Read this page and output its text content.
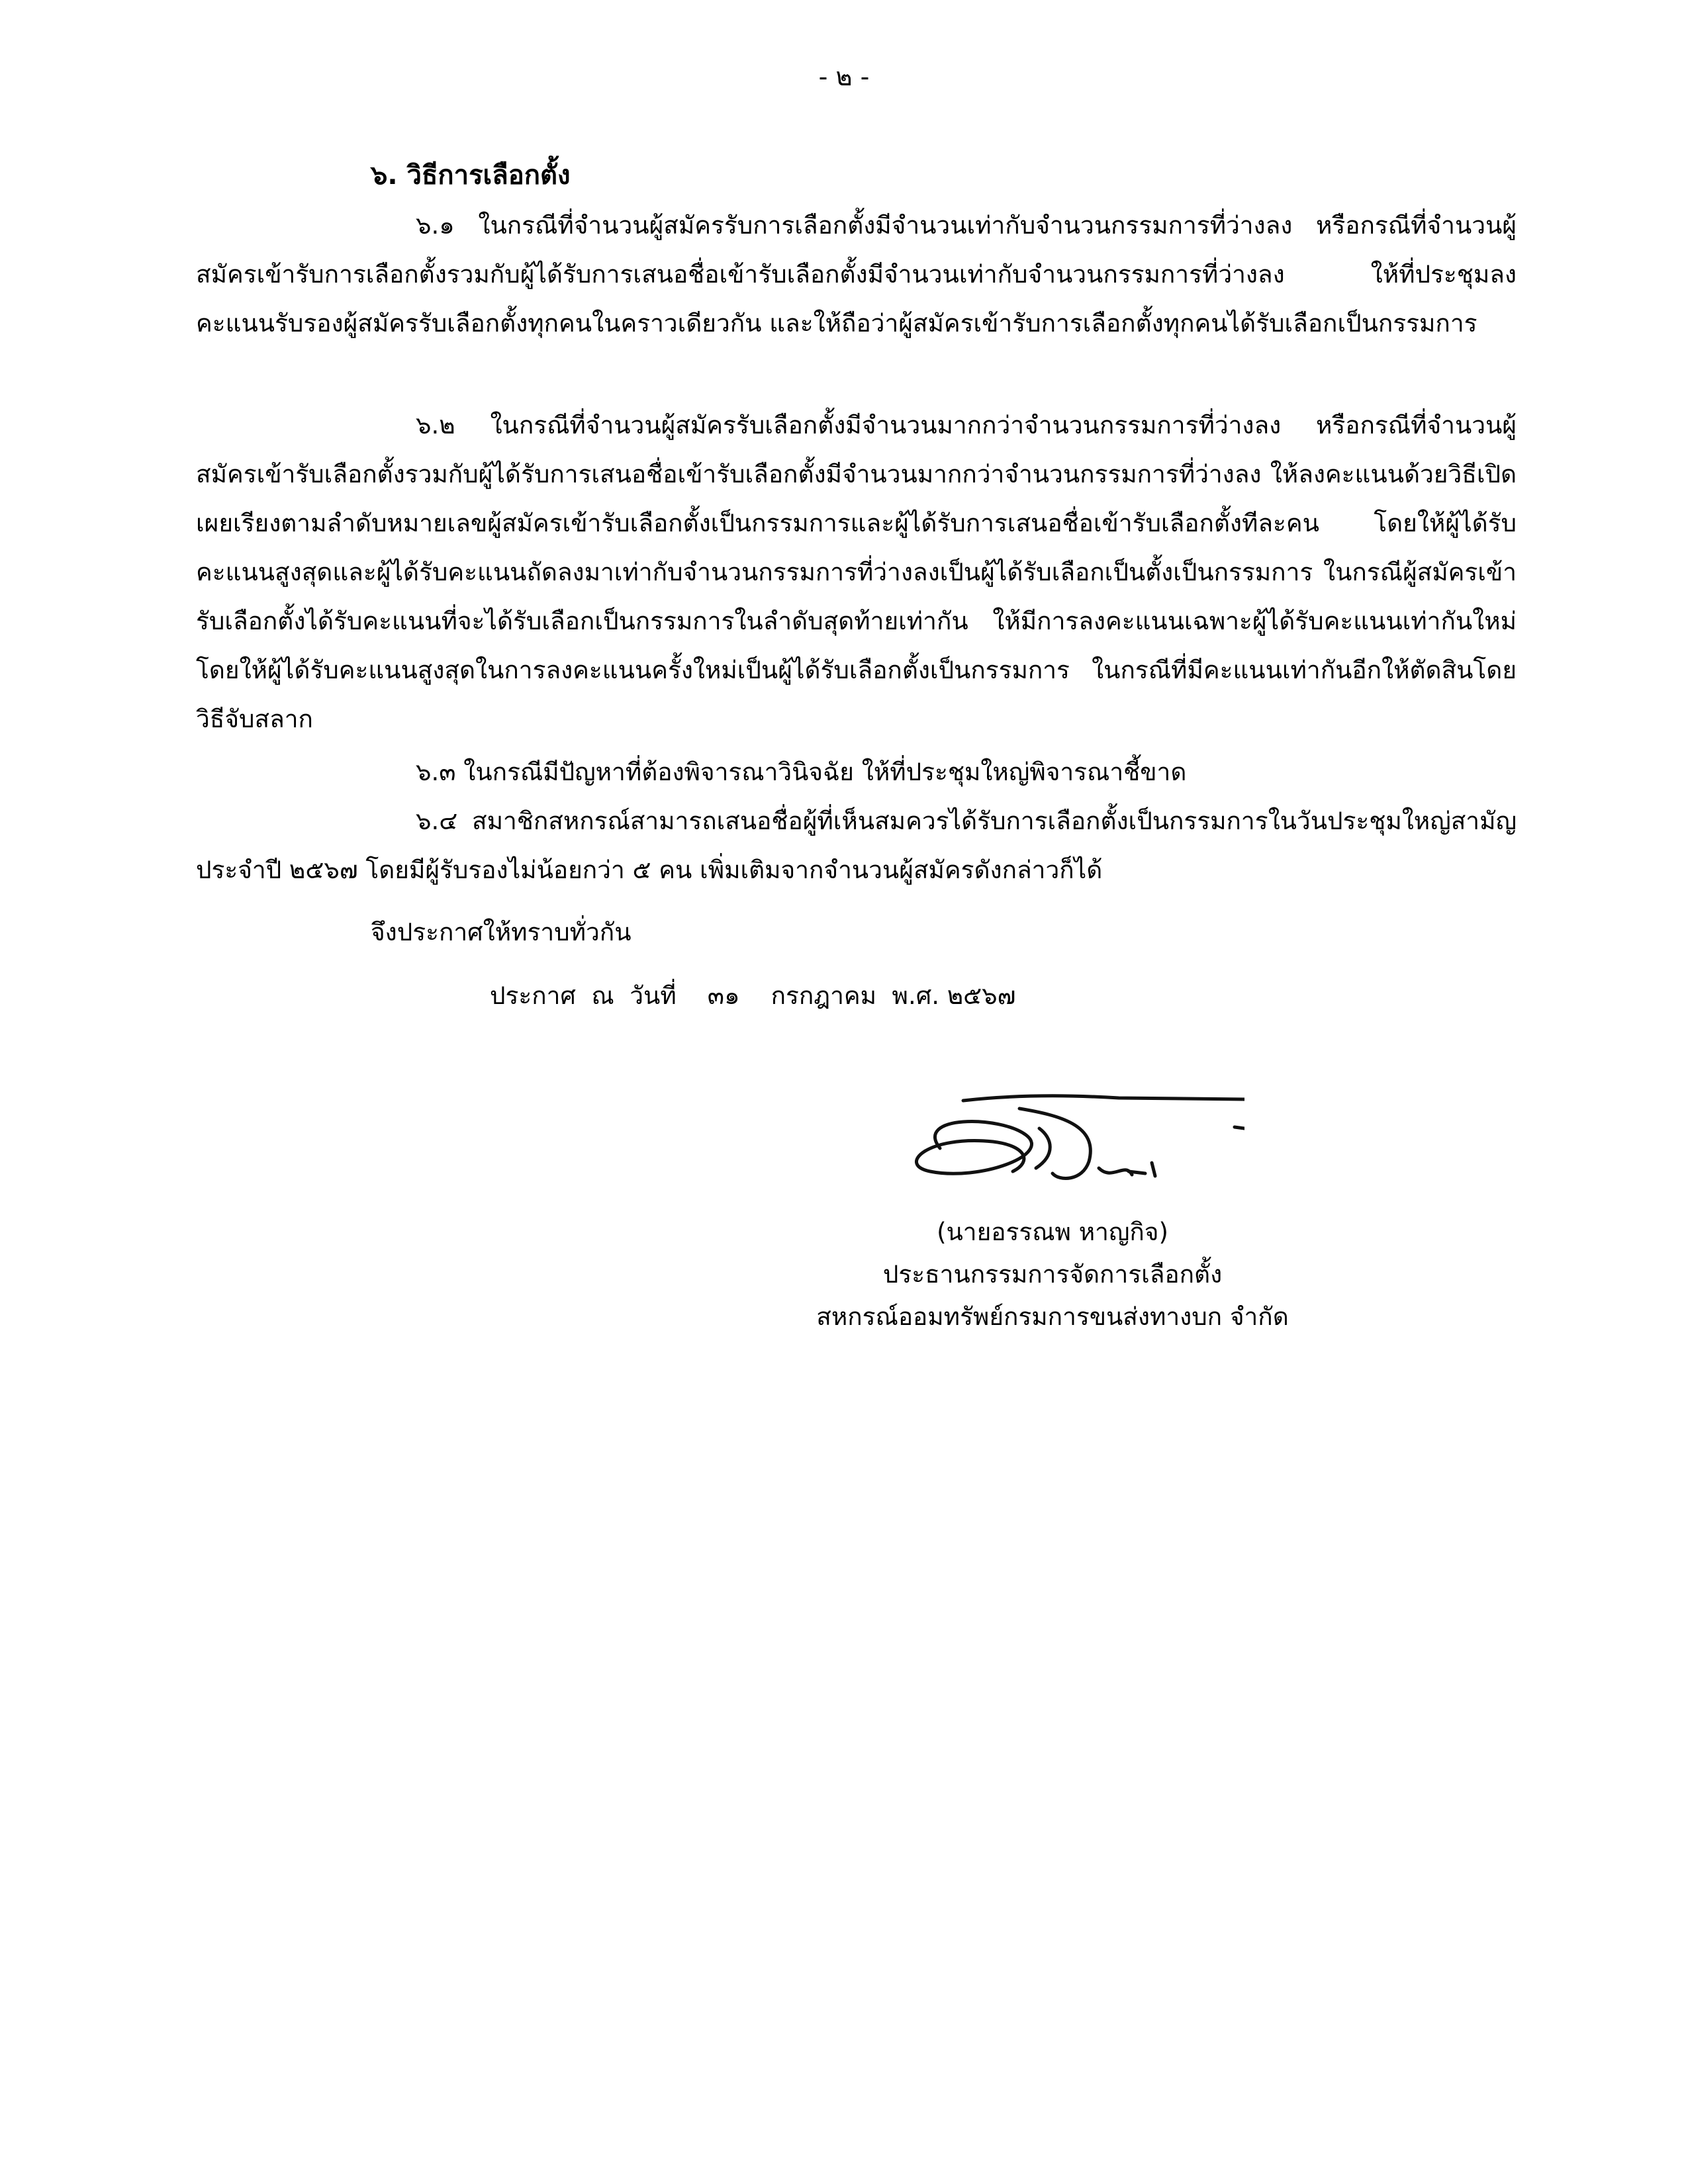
- ๒ -
๖. วิธีการเลือกตั้ง

๖.๑ ในกรณีที่จำนวนผู้สมัครรับการเลือกตั้งมีจำนวนเท่ากับจำนวนกรรมการที่ว่างลง หรือกรณีที่จำนวนผู้สมัครเข้ารับการเลือกตั้งรวมกับผู้ได้รับการเสนอชื่อเข้ารับเลือกตั้งมีจำนวนเท่ากับจำนวนกรรมการที่ว่างลง ให้ที่ประชุมลงคะแนนรับรองผู้สมัครรับเลือกตั้งทุกคนในคราวเดียวกัน และให้ถือว่าผู้สมัครเข้ารับการเลือกตั้งทุกคนได้รับเลือกเป็นกรรมการ

๖.๒ ในกรณีที่จำนวนผู้สมัครรับเลือกตั้งมีจำนวนมากกว่าจำนวนกรรมการที่ว่างลง หรือกรณีที่จำนวนผู้สมัครเข้ารับเลือกตั้งรวมกับผู้ได้รับการเสนอชื่อเข้ารับเลือกตั้งมีจำนวนมากกว่าจำนวนกรรมการที่ว่างลง ให้ลงคะแนนด้วยวิธีเปิดเผยเรียงตามลำดับหมายเลขผู้สมัครเข้ารับเลือกตั้งเป็นกรรมการและผู้ได้รับการเสนอชื่อเข้ารับเลือกตั้งทีละคน โดยให้ผู้ได้รับคะแนนสูงสุดและผู้ได้รับคะแนนถัดลงมาเท่ากับจำนวนกรรมการที่ว่างลงเป็นผู้ได้รับเลือกเป็นตั้งเป็นกรรมการ ในกรณีผู้สมัครเข้ารับเลือกตั้งได้รับคะแนนที่จะได้รับเลือกเป็นกรรมการในลำดับสุดท้ายเท่ากัน ให้มีการลงคะแนนเฉพาะผู้ได้รับคะแนนเท่ากันใหม่ โดยให้ผู้ได้รับคะแนนสูงสุดในการลงคะแนนครั้งใหม่เป็นผู้ได้รับเลือกตั้งเป็นกรรมการ ในกรณีที่มีคะแนนเท่ากันอีกให้ตัดสินโดยวิธีจับสลาก

๖.๓ ในกรณีมีปัญหาที่ต้องพิจารณาวินิจฉัย ให้ที่ประชุมใหญ่พิจารณาชี้ขาด

๖.๔ สมาชิกสหกรณ์สามารถเสนอชื่อผู้ที่เห็นสมควรได้รับการเลือกตั้งเป็นกรรมการในวันประชุมใหญ่สามัญประจำปี ๒๕๖๗ โดยมีผู้รับรองไม่น้อยกว่า ๕ คน เพิ่มเติมจากจำนวนผู้สมัครดังกล่าวก็ได้

จึงประกาศให้ทราบทั่วกัน
ประกาศ  ณ  วันที่    ๓๑    กรกฎาคม  พ.ศ. ๒๕๖๗
(นายอรรณพ หาญกิจ)
ประธานกรรมการจัดการเลือกตั้ง
สหกรณ์ออมทรัพย์กรมการขนส่งทางบก จำกัด
